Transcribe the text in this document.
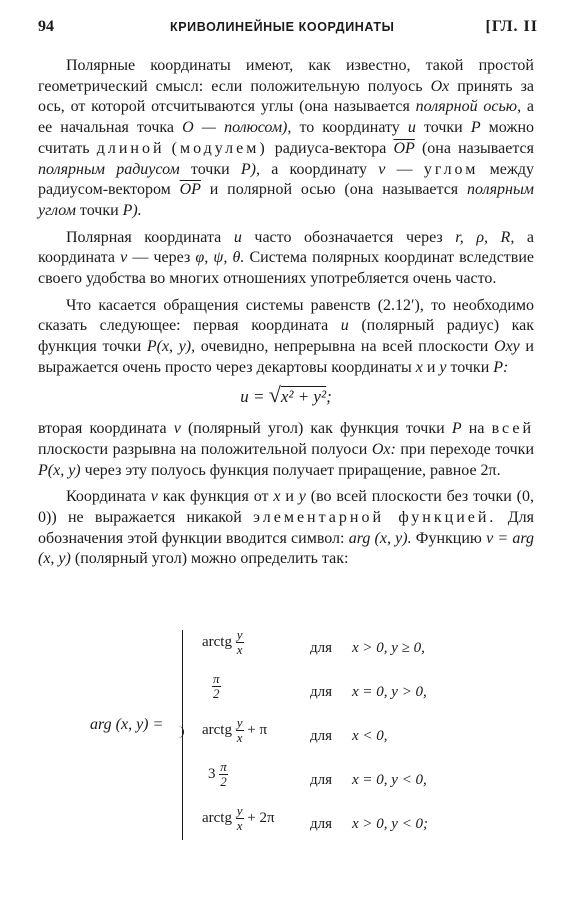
94	КРИВОЛИНЕЙНЫЕ КООРДИНАТЫ	[ГЛ. II

Полярные координаты имеют, как известно, такой простой геометрический смысл: если положительную полуось Ox принять за ось, от которой отсчитываются углы (она называется полярной осью, а ее начальная точка O — полюсом), то координату u точки P можно считать длиной (модулем) радиуса-вектора $\overline{OP}$ (она называется полярным радиусом точки P), а координату v — углом между радиусом-вектором $\overline{OP}$ и полярной осью (она называется полярным углом точки P).

Полярная координата u часто обозначается через r, ρ, R, а координата v — через φ, ψ, θ. Система полярных координат вследствие своего удобства во многих отношениях употребляется очень часто.

Что касается обращения системы равенств (2.12′), то необходимо сказать следующее: первая координата u (полярный радиус) как функция точки P(x, y), очевидно, непрерывна на всей плоскости Oxy и выражается очень просто через декартовы координаты x и y точки P:

u = √x² + y²;

вторая координата v (полярный угол) как функция точки P на всей плоскости разрывна на положительной полуоси Ox: при переходе точки P(x, y) через эту полуось функция получает приращение, равное 2π.

Координата v как функция от x и y (во всей плоскости без точки (0, 0)) не выражается никакой элементарной функцией. Для обозначения этой функции вводится символ: arg (x, y). Функцию v = arg (x, y) (полярный угол) можно определить так:

arg (x, y) =
arctg $\frac{y}{x}$	для x > 0, y ≥ 0,
$\frac{\pi}{2}$	для x = 0, y > 0,
arctg $\frac{y}{x} + \pi$	для x < 0,
$3 \frac{\pi}{2}$	для x = 0, y < 0,
arctg $\frac{y}{x} + 2\pi$ для x > 0, y < 0;
